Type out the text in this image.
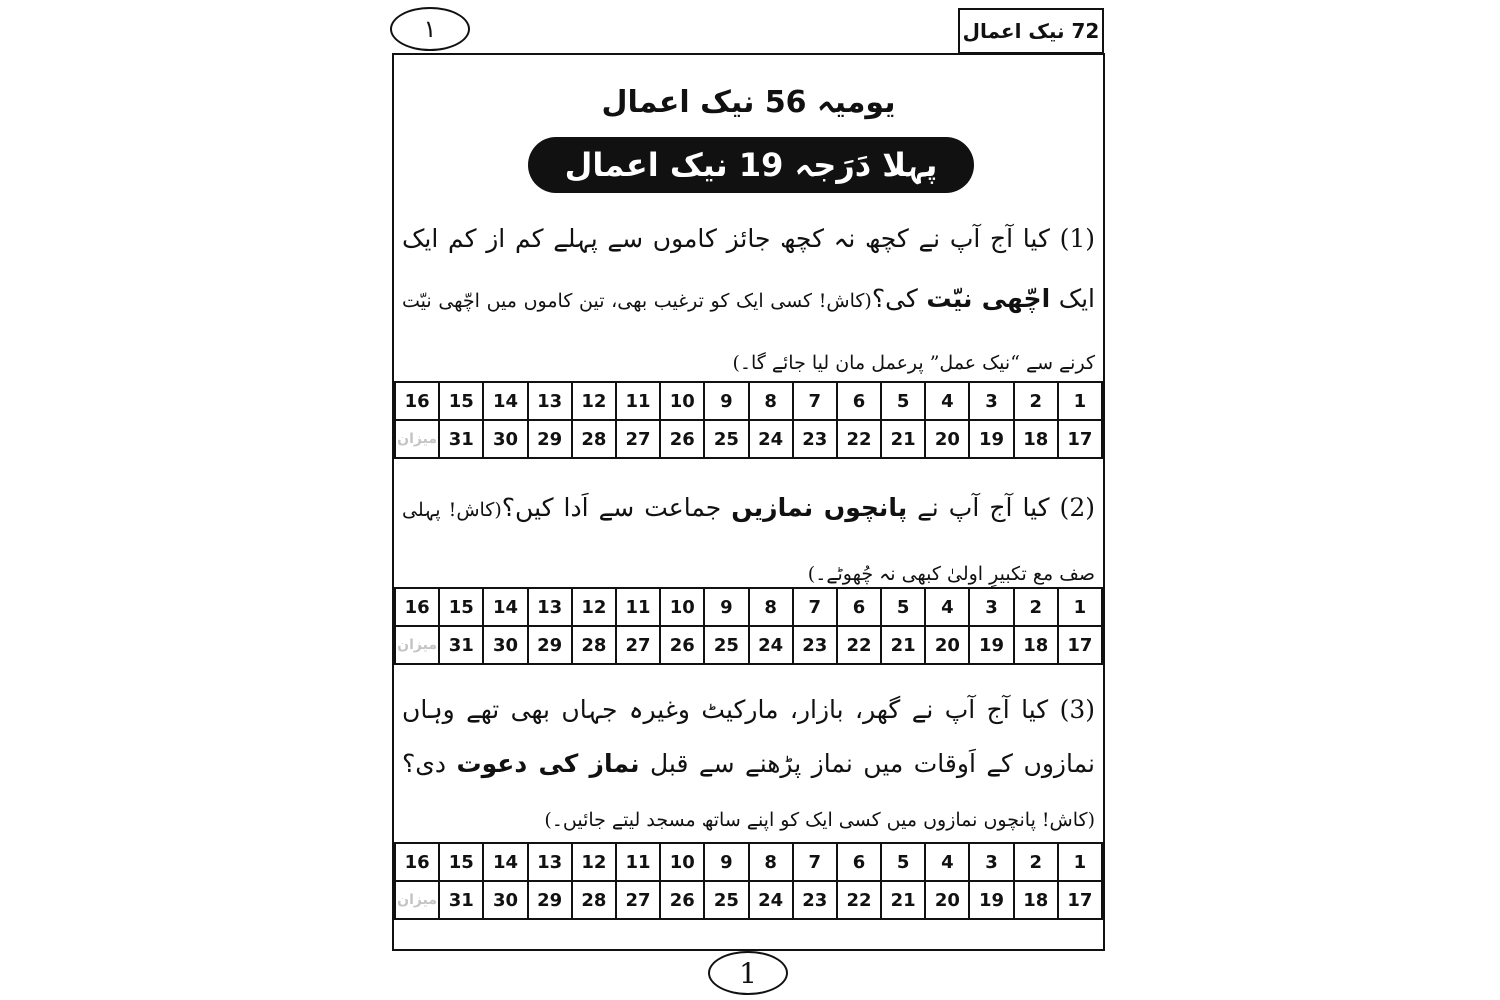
١	72 نیک اعمال
یومیہ 56 نیک اعمال
پہلا دَرَجہ 19 نیک اعمال
(1) کیا آج آپ نے کچھ نہ کچھ جائز کاموں سے پہلے کم از کم ایک ایک اچّھی نیّت کی؟(کاش! کسی ایک کو ترغیب بھی، تین کاموں میں اچّھی نیّت کرنے سے “نیک عمل” پرعمل مان لیا جائے گا۔)
1	2	3	4	5	6	7	8	9	10	11	12	13	14	15	16
17	18	19	20	21	22	23	24	25	26	27	28	29	30	31	میزان
(2) کیا آج آپ نے پانچوں نمازیں جماعت سے اَدا کیں؟(کاش! پہلی صف مع تکبیرِ اولیٰ کبھی نہ چُھوٹے۔)
1	2	3	4	5	6	7	8	9	10	11	12	13	14	15	16
17	18	19	20	21	22	23	24	25	26	27	28	29	30	31	میزان
(3) کیا آج آپ نے گھر، بازار، مارکیٹ وغیرہ جہاں بھی تھے وہاں نمازوں کے اَوقات میں نماز پڑھنے سے قبل نماز کی دعوت دی؟(کاش! پانچوں نمازوں میں کسی ایک کو اپنے ساتھ مسجد لیتے جائیں۔)
1	2	3	4	5	6	7	8	9	10	11	12	13	14	15	16
17	18	19	20	21	22	23	24	25	26	27	28	29	30	31	میزان
1
